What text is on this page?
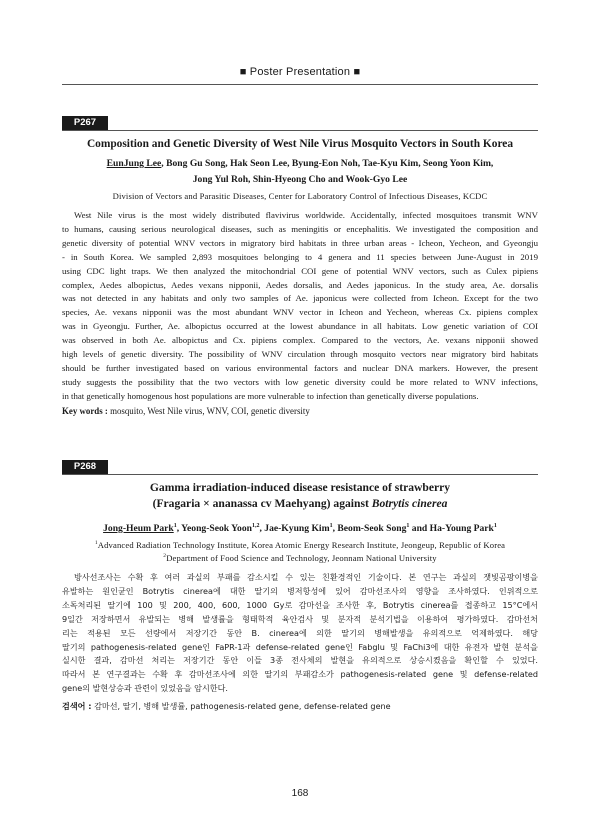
■ Poster Presentation ■
P267
Composition and Genetic Diversity of West Nile Virus Mosquito Vectors in South Korea
EunJung Lee, Bong Gu Song, Hak Seon Lee, Byung-Eon Noh, Tae-Kyu Kim, Seong Yoon Kim,
Jong Yul Roh, Shin-Hyeong Cho and Wook-Gyo Lee
Division of Vectors and Parasitic Diseases, Center for Laboratory Control of Infectious Diseases, KCDC
West Nile virus is the most widely distributed flavivirus worldwide. Accidentally, infected mosquitoes transmit WNV
to humans, causing serious neurological diseases, such as meningitis or encephalitis. We investigated the composition and
genetic diversity of potential WNV vectors in migratory bird habitats in three urban areas - Icheon, Yecheon, and Gyeongju
- in South Korea. We sampled 2,893 mosquitoes belonging to 4 genera and 11 species between June-August in 2019
using CDC light traps. We then analyzed the mitochondrial COI gene of potential WNV vectors, such as Culex pipiens
complex, Aedes albopictus, Aedes vexans nipponii, Aedes dorsalis, and Aedes japonicus. In the study area, Ae. dorsalis
was not detected in any habitats and only two samples of Ae. japonicus were collected from Icheon. Except for the two
species, Ae. vexans nipponii was the most abundant WNV vector in Icheon and Yecheon, whereas Cx. pipiens complex
was in Gyeongju. Further, Ae. albopictus occurred at the lowest abundance in all habitats. Low genetic variation of COI
was observed in both Ae. albopictus and Cx. pipiens complex. Compared to the vectors, Ae. vexans nipponii showed
high levels of genetic diversity. The possibility of WNV circulation through mosquito vectors near migratory bird habitats
should be further investigated based on various environmental factors and nuclear DNA markers. However, the present
study suggests the possibility that the two vectors with low genetic diversity could be more related to WNV infections,
in that genetically homogenous host populations are more vulnerable to infection than genetically diverse populations.
Key words : mosquito, West Nile virus, WNV, COI, genetic diversity
P268
Gamma irradiation-induced disease resistance of strawberry
(Fragaria × ananassa cv Maehyang) against Botrytis cinerea
Jong-Heum Park$^1$, Yeong-Seok Yoon$^{1,2}$, Jae-Kyung Kim$^1$, Beom-Seok Song$^1$ and Ha-Young Park$^1$
$^1$Advanced Radiation Technology Institute, Korea Atomic Energy Research Institute, Jeongeup, Republic of Korea
$^2$Department of Food Science and Technology, Jeonnam National University
방사선조사는 수확 후 여러 과실의 부패를 감소시킬 수 있는 친환경적인 기술이다. 본 연구는 과실의 잿빛곰팡이병을
유발하는 원인균인 Botrytis cinerea에 대한 딸기의 병저항성에 있어 감마선조사의 영향을 조사하였다. 인위적으로
소독처리된 딸기에 100 및 200, 400, 600, 1000 Gy로 감마선을 조사한 후, Botrytis cinerea를 접종하고 15°C에서
9일간 저장하면서 유발되는 병해 발생률을 형태학적 육안검사 및 분자적 분석기법을 이용하여 평가하였다. 감마선처
리는 적용된 모든 선량에서 저장기간 동안 B. cinerea에 의한 딸기의 병해발생을 유의적으로 억제하였다. 해당
딸기의 pathogenesis-related gene인 FaPR-1과 defense-related gene인 Fabglu 및 FaChi3에 대한 유전자 발현 분석을
실시한 결과, 감마선 처리는 저장기간 동안 이들 3종 전사체의 발현을 유의적으로 상승시켰음을 확인할 수 있었다.
따라서 본 연구결과는 수확 후 감마선조사에 의한 딸기의 부패감소가 pathogenesis-related gene 및 defense-related
gene의 발현상승과 관련이 있었음을 암시한다.
검색어 : 감마선, 딸기, 병해 발생률, pathogenesis-related gene, defense-related gene
168
